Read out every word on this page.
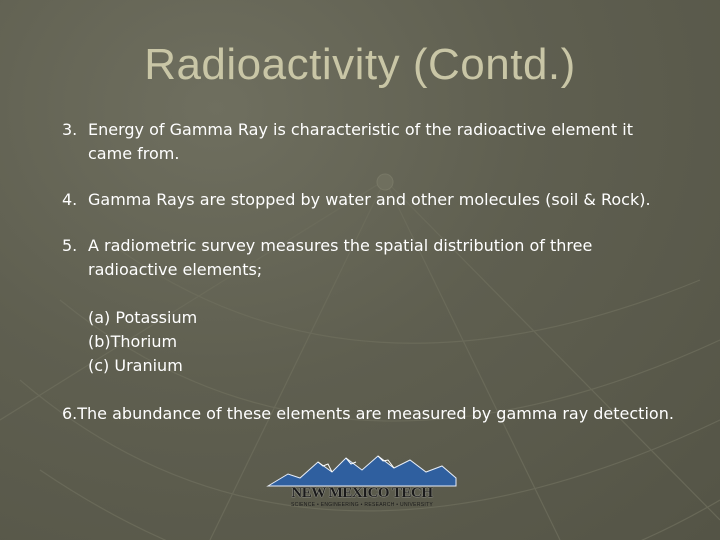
Radioactivity (Contd.)
3. Energy of Gamma Ray is characteristic of the radioactive element it came from.
4. Gamma Rays are stopped by water and other molecules (soil & Rock).
5. A radiometric survey measures the spatial distribution of three radioactive elements;
(a) Potassium
(b)Thorium
(c) Uranium
6. The abundance of these elements are measured by gamma ray detection.
NEW MEXICO TECH
SCIENCE • ENGINEERING • RESEARCH • UNIVERSITY
